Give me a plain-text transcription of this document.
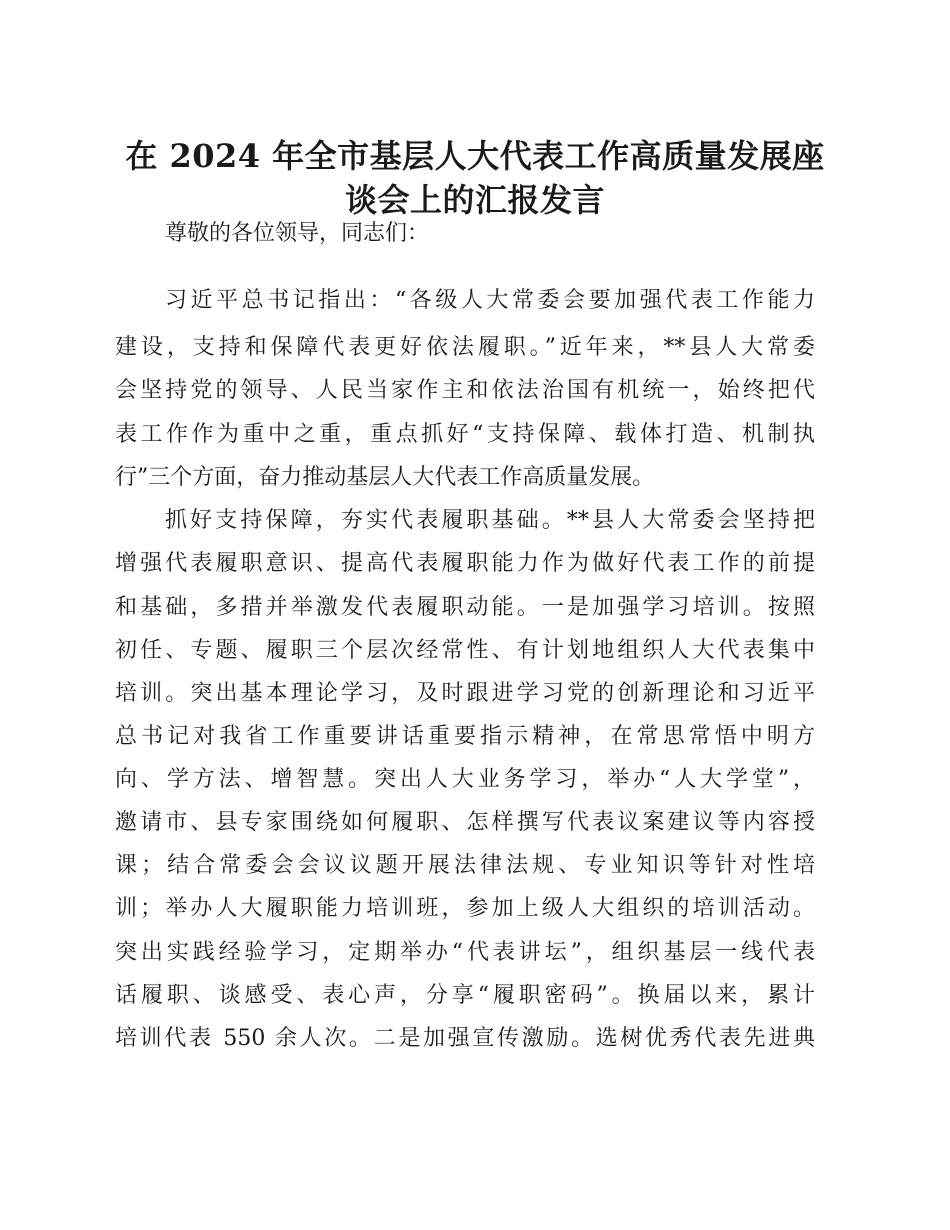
在 2024 年全市基层人大代表工作高质量发展座
谈会上的汇报发言
尊敬的各位领导，同志们：
习近平总书记指出：“各级人大常委会要加强代表工作能力
建设，支持和保障代表更好依法履职。”近年来，**县人大常委
会坚持党的领导、人民当家作主和依法治国有机统一，始终把代
表工作作为重中之重，重点抓好“支持保障、载体打造、机制执
行”三个方面，奋力推动基层人大代表工作高质量发展。
抓好支持保障，夯实代表履职基础。**县人大常委会坚持把
增强代表履职意识、提高代表履职能力作为做好代表工作的前提
和基础，多措并举激发代表履职动能。一是加强学习培训。按照
初任、专题、履职三个层次经常性、有计划地组织人大代表集中
培训。突出基本理论学习，及时跟进学习党的创新理论和习近平
总书记对我省工作重要讲话重要指示精神，在常思常悟中明方
向、学方法、增智慧。突出人大业务学习，举办“人大学堂”，
邀请市、县专家围绕如何履职、怎样撰写代表议案建议等内容授
课；结合常委会会议议题开展法律法规、专业知识等针对性培
训；举办人大履职能力培训班，参加上级人大组织的培训活动。
突出实践经验学习，定期举办“代表讲坛”，组织基层一线代表
话履职、谈感受、表心声，分享“履职密码”。换届以来，累计
培训代表 550 余人次。二是加强宣传激励。选树优秀代表先进典
